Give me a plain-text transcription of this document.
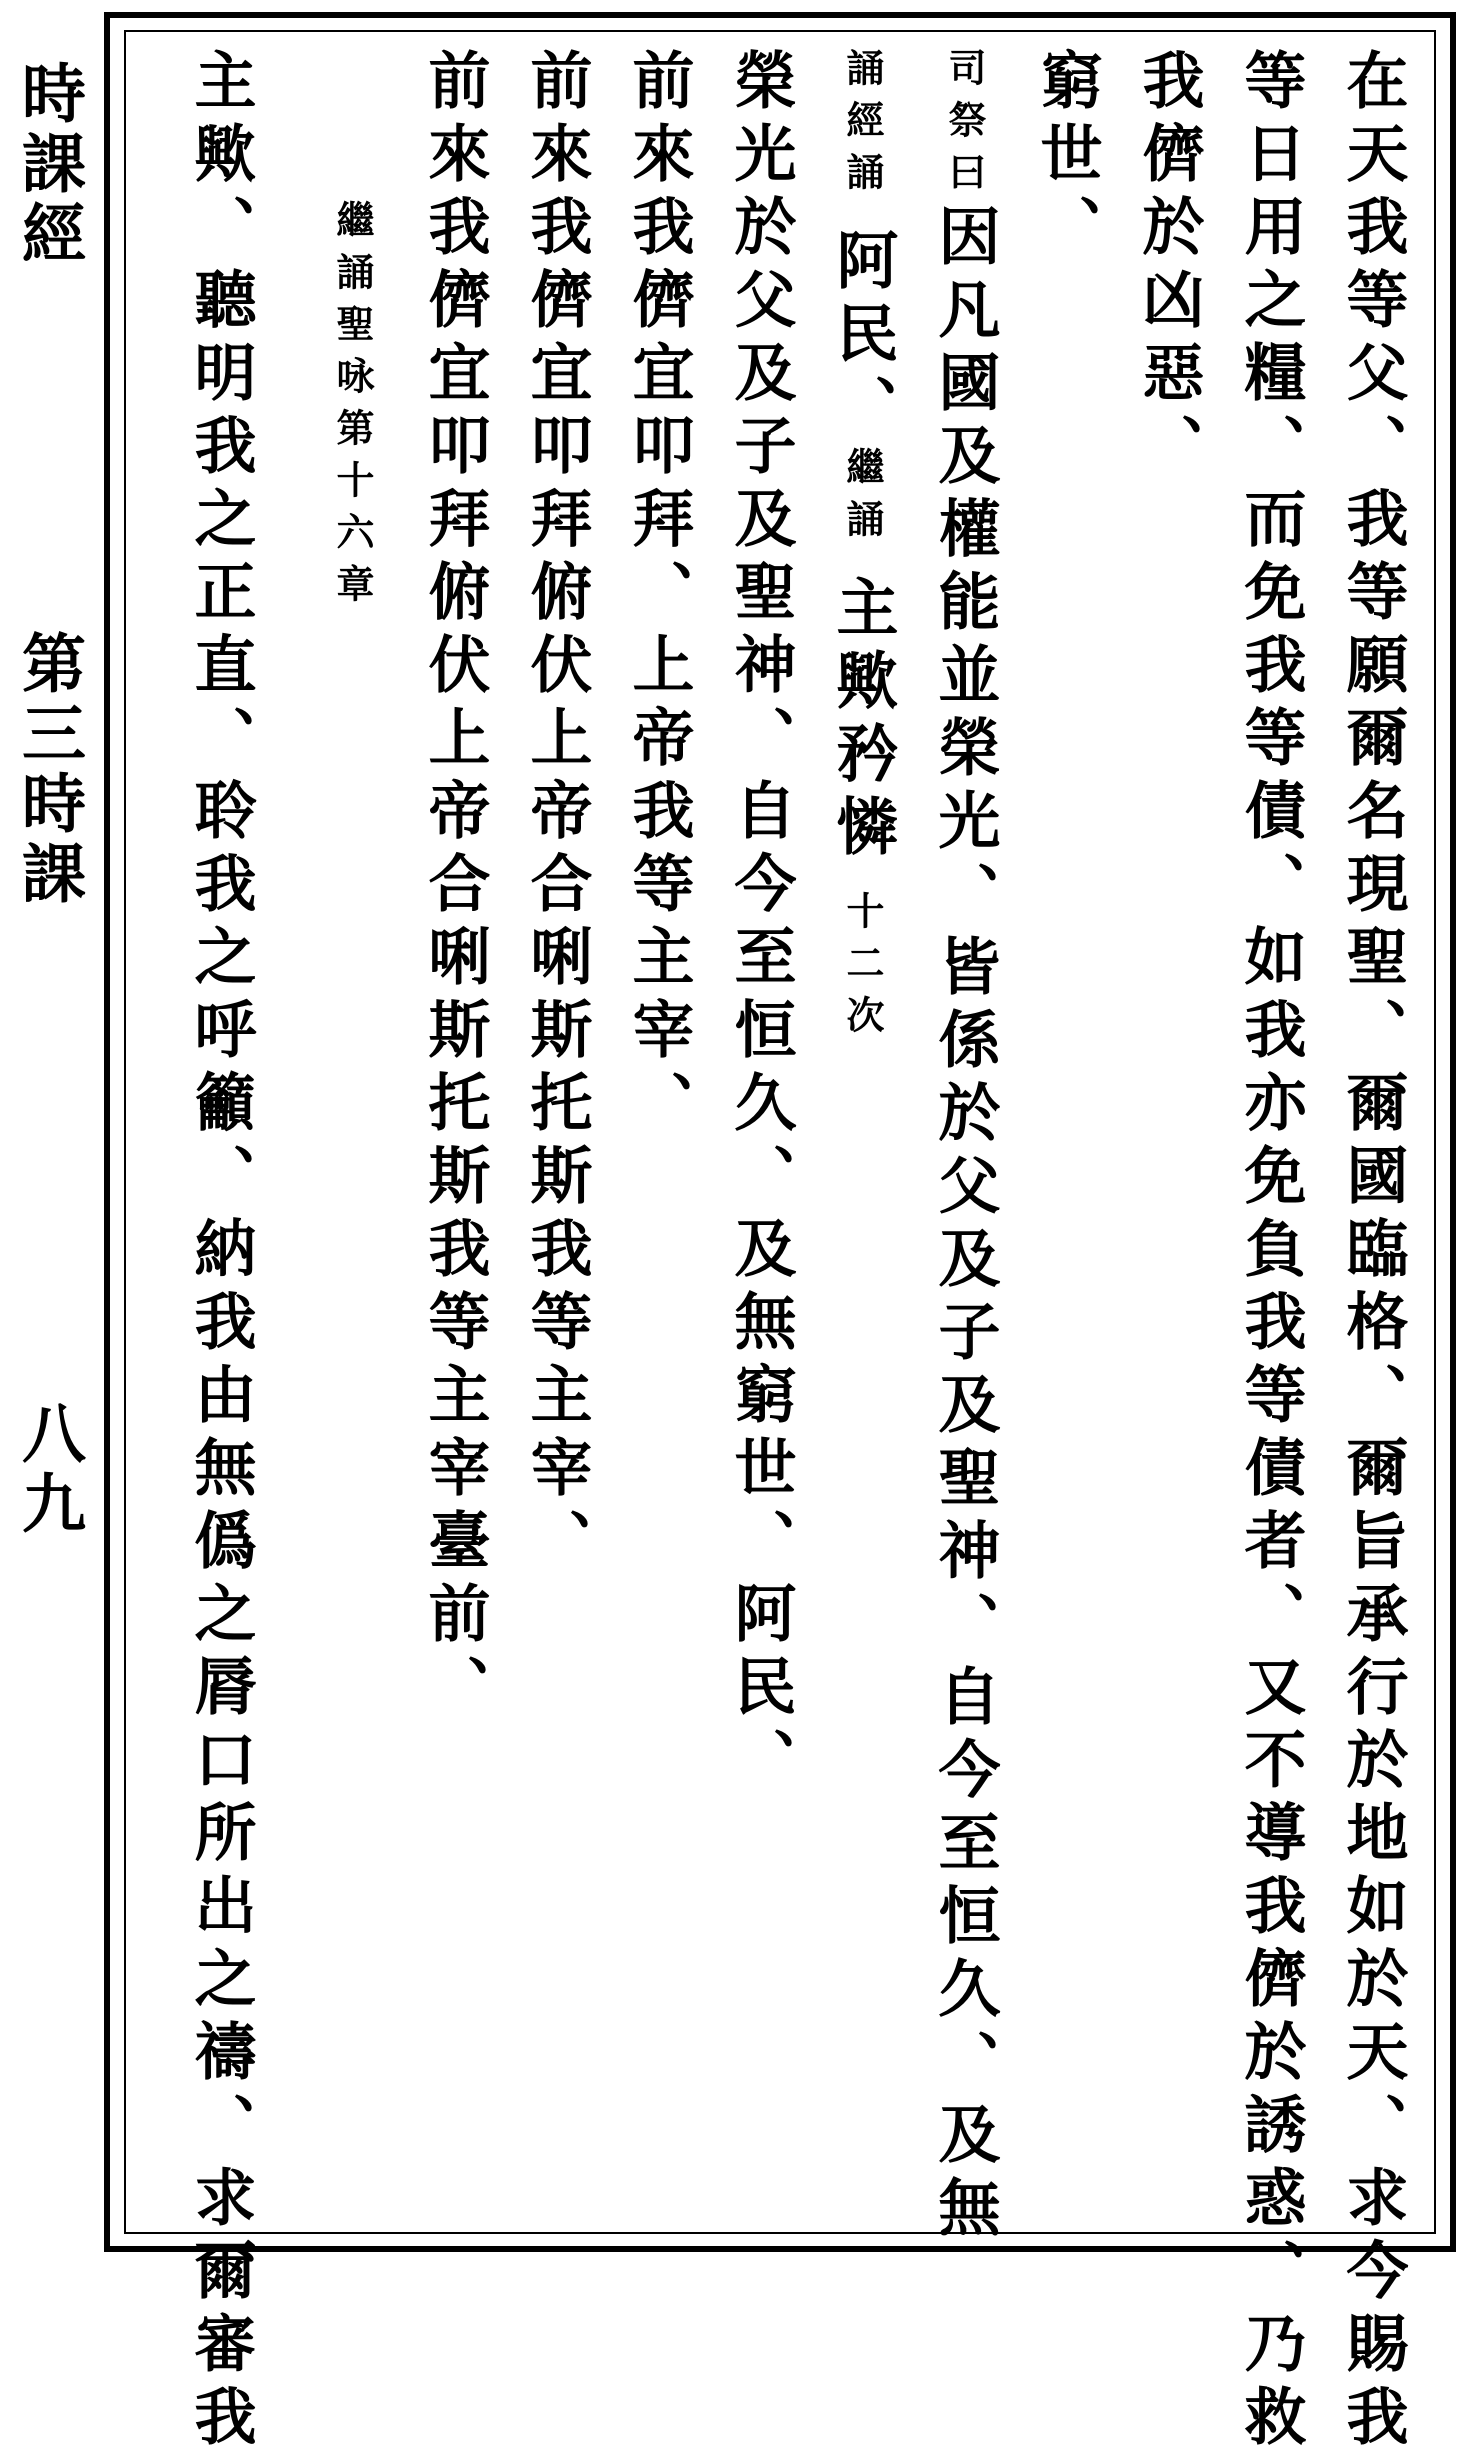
時課經
第三時課
八九	在天我等父、我等願爾名現聖、爾國臨格、爾旨承行於地如於天、求今賜我
等日用之糧、而免我等債、如我亦免負我等債者、又不導我儕於誘惑、乃救
我儕於凶惡、
窮世、
司祭曰因凡國及權能並榮光、皆係於父及子及聖神、自今至恒久、及無
誦經誦阿民、繼誦主歟矜憐十二次
榮光於父及子及聖神、自今至恒久、及無窮世、阿民、
前來我儕宜叩拜、上帝我等主宰、
前來我儕宜叩拜俯伏上帝合唎斯托斯我等主宰、
前來我儕宜叩拜俯伏上帝合唎斯托斯我等主宰臺前、
繼誦聖咏第十六章
主歟、聽明我之正直、聆我之呼籲、納我由無僞之脣口所出之禱、求爾審我
